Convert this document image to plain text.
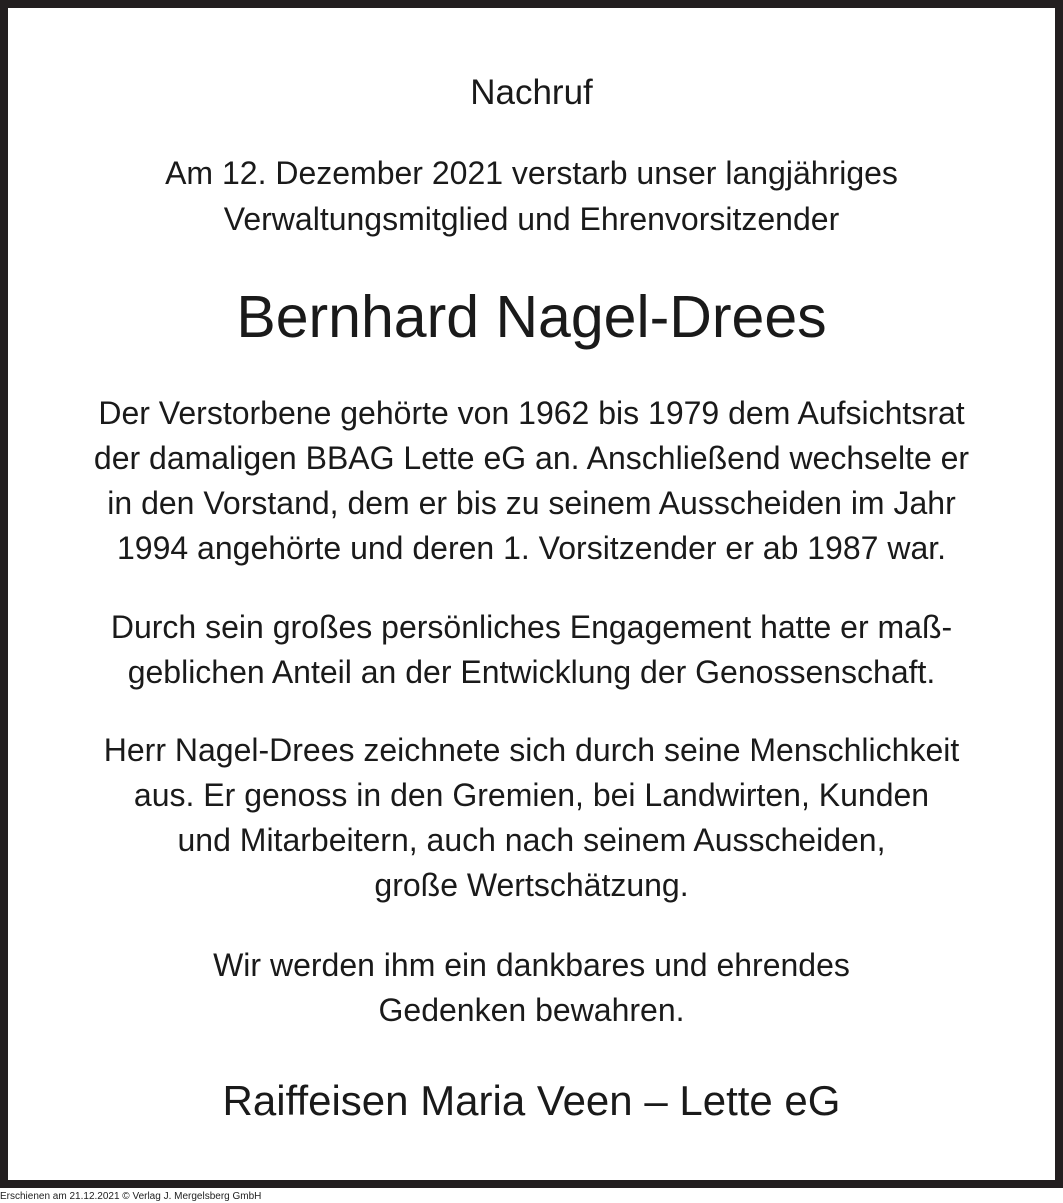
Nachruf
Am 12. Dezember 2021 verstarb unser langjähriges
Verwaltungsmitglied und Ehrenvorsitzender
Bernhard Nagel-Drees
Der Verstorbene gehörte von 1962 bis 1979 dem Aufsichtsrat
der damaligen BBAG Lette eG an. Anschließend wechselte er
in den Vorstand, dem er bis zu seinem Ausscheiden im Jahr
1994 angehörte und deren 1. Vorsitzender er ab 1987 war.
Durch sein großes persönliches Engagement hatte er maß-
geblichen Anteil an der Entwicklung der Genossenschaft.
Herr Nagel-Drees zeichnete sich durch seine Menschlichkeit
aus. Er genoss in den Gremien, bei Landwirten, Kunden
und Mitarbeitern, auch nach seinem Ausscheiden,
große Wertschätzung.
Wir werden ihm ein dankbares und ehrendes
Gedenken bewahren.
Raiffeisen Maria Veen – Lette eG
Erschienen am 21.12.2021 © Verlag J. Mergelsberg GmbH
